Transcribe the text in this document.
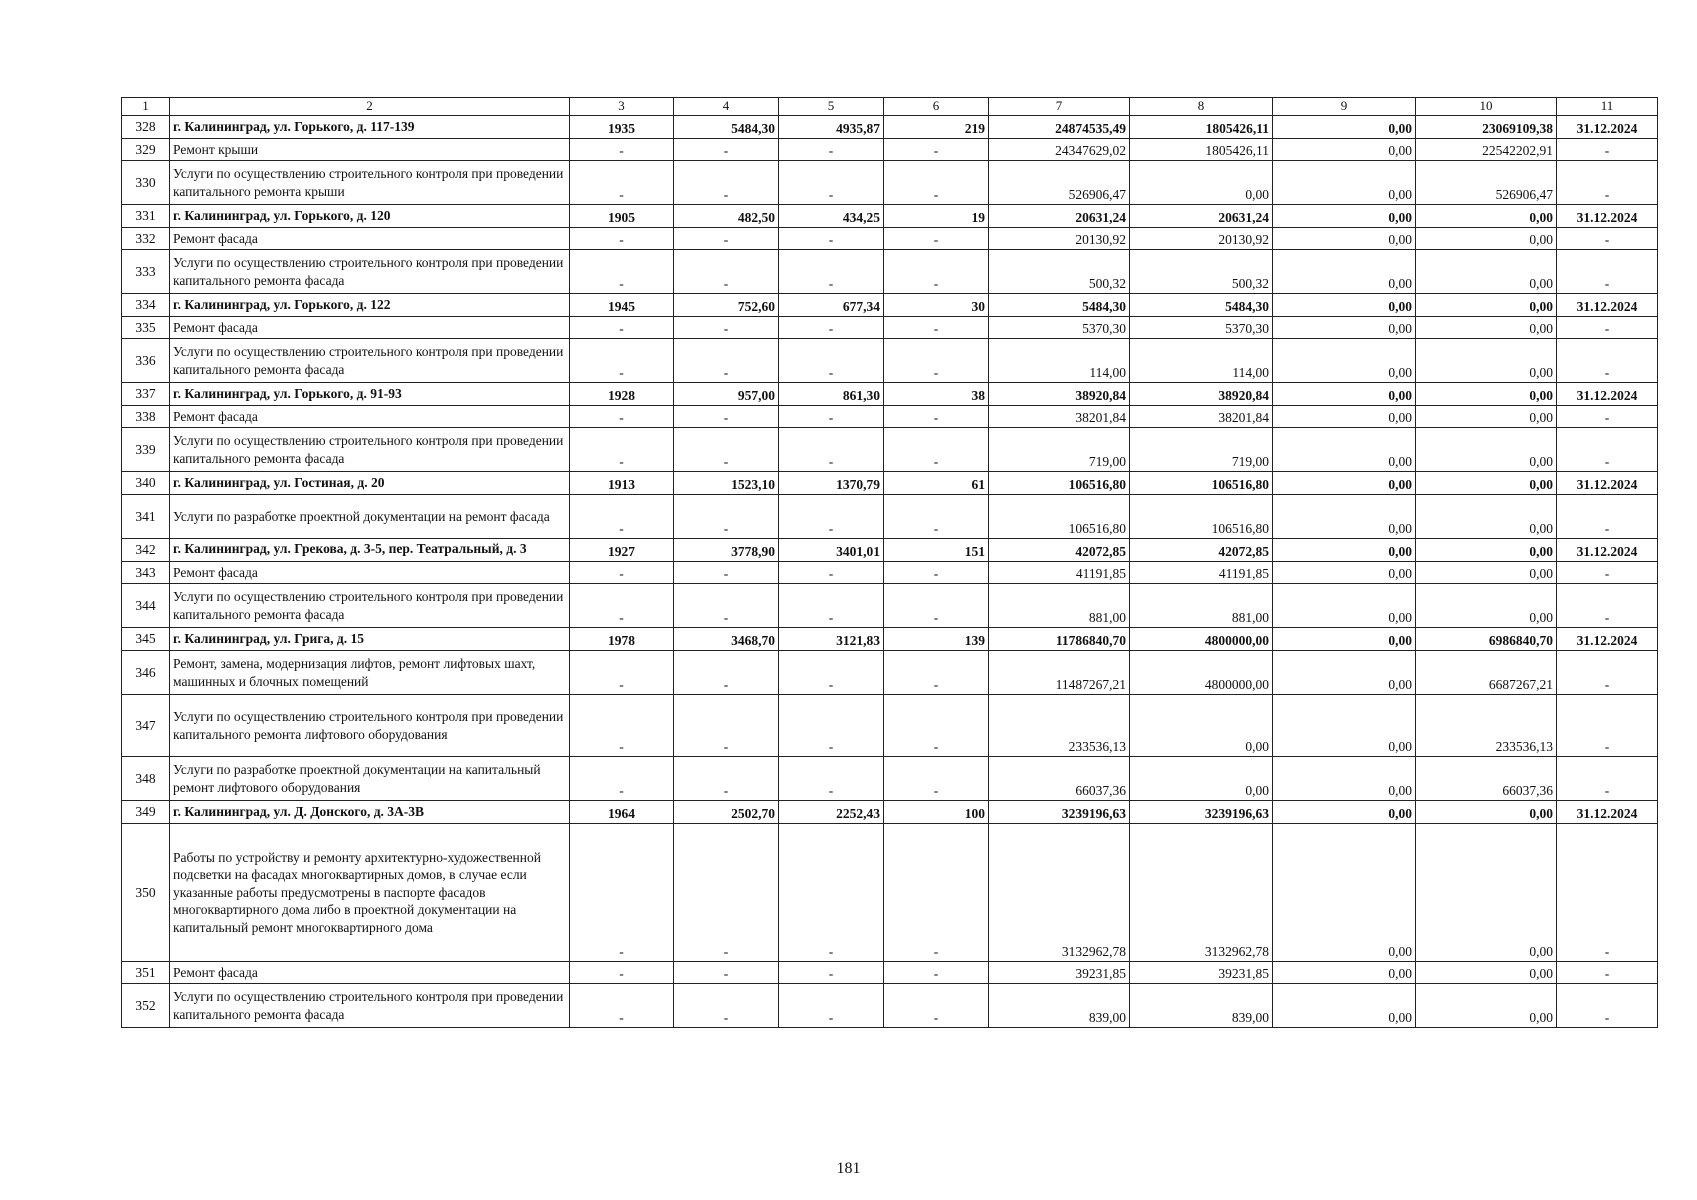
1	2	3	4	5	6	7	8	9	10	11
328	г. Калининград, ул. Горького, д. 117-139	1935	5484,30	4935,87	219	24874535,49	1805426,11	0,00	23069109,38	31.12.2024
329	Ремонт крыши	-	-	-	-	24347629,02	1805426,11	0,00	22542202,91	-
330	Услуги по осуществлению строительного контроля при проведении капитального ремонта крыши	-	-	-	-	526906,47	0,00	0,00	526906,47	-
331	г. Калининград, ул. Горького, д. 120	1905	482,50	434,25	19	20631,24	20631,24	0,00	0,00	31.12.2024
332	Ремонт фасада	-	-	-	-	20130,92	20130,92	0,00	0,00	-
333	Услуги по осуществлению строительного контроля при проведении капитального ремонта фасада	-	-	-	-	500,32	500,32	0,00	0,00	-
334	г. Калининград, ул. Горького, д. 122	1945	752,60	677,34	30	5484,30	5484,30	0,00	0,00	31.12.2024
335	Ремонт фасада	-	-	-	-	5370,30	5370,30	0,00	0,00	-
336	Услуги по осуществлению строительного контроля при проведении капитального ремонта фасада	-	-	-	-	114,00	114,00	0,00	0,00	-
337	г. Калининград, ул. Горького, д. 91-93	1928	957,00	861,30	38	38920,84	38920,84	0,00	0,00	31.12.2024
338	Ремонт фасада	-	-	-	-	38201,84	38201,84	0,00	0,00	-
339	Услуги по осуществлению строительного контроля при проведении капитального ремонта фасада	-	-	-	-	719,00	719,00	0,00	0,00	-
340	г. Калининград, ул. Гостиная, д. 20	1913	1523,10	1370,79	61	106516,80	106516,80	0,00	0,00	31.12.2024
341	Услуги по разработке проектной документации на ремонт фасада	-	-	-	-	106516,80	106516,80	0,00	0,00	-
342	г. Калининград, ул. Грекова, д. 3-5, пер. Театральный, д. 3	1927	3778,90	3401,01	151	42072,85	42072,85	0,00	0,00	31.12.2024
343	Ремонт фасада	-	-	-	-	41191,85	41191,85	0,00	0,00	-
344	Услуги по осуществлению строительного контроля при проведении капитального ремонта фасада	-	-	-	-	881,00	881,00	0,00	0,00	-
345	г. Калининград, ул. Грига, д. 15	1978	3468,70	3121,83	139	11786840,70	4800000,00	0,00	6986840,70	31.12.2024
346	Ремонт, замена, модернизация лифтов, ремонт лифтовых шахт, машинных и блочных помещений	-	-	-	-	11487267,21	4800000,00	0,00	6687267,21	-
347	Услуги по осуществлению строительного контроля при проведении капитального ремонта лифтового оборудования	-	-	-	-	233536,13	0,00	0,00	233536,13	-
348	Услуги по разработке проектной документации на капитальный ремонт лифтового оборудования	-	-	-	-	66037,36	0,00	0,00	66037,36	-
349	г. Калининград, ул. Д. Донского, д. 3А-3В	1964	2502,70	2252,43	100	3239196,63	3239196,63	0,00	0,00	31.12.2024
350	Работы по устройству и ремонту архитектурно-художественной подсветки на фасадах многоквартирных домов, в случае если указанные работы предусмотрены в паспорте фасадов многоквартирного дома либо в проектной документации на капитальный ремонт многоквартирного дома	-	-	-	-	3132962,78	3132962,78	0,00	0,00	-
351	Ремонт фасада	-	-	-	-	39231,85	39231,85	0,00	0,00	-
352	Услуги по осуществлению строительного контроля при проведении капитального ремонта фасада	-	-	-	-	839,00	839,00	0,00	0,00	-
181
